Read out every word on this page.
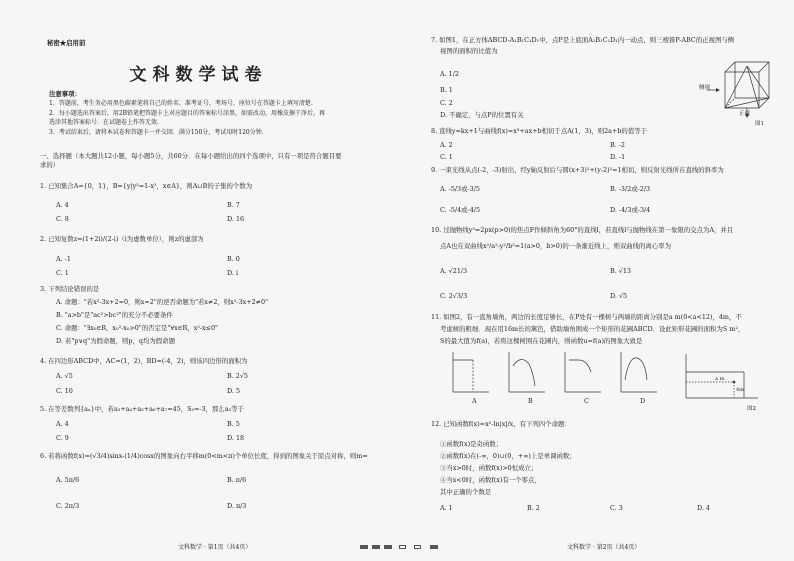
秘密★启用前
文科数学试卷
注意事项：
1．答题前，考生务必用黑色碳素笔将自己的姓名、准考证号、考场号、座位号在答题卡上填写清楚.
2．每小题选出答案后，用2B铅笔把答题卡上对应题目的答案标号涂黑，如需改动，用橡皮擦干净后，再
选涂其他答案标号．在试题卷上作答无效.
3．考试结束后，请将本试卷和答题卡一并交回．满分150分，考试用时120分钟.
一、选择题（本大题共12小题，每小题5分，共60分．在每小题给出的四个选项中，只有一项是符合题目要
求的）
1. 已知集合A={0，1}，B={y|y²=1-x²，x∈A}，则A∪B的子集的个数为
A. 4	B. 7
C. 8	D. 16
2. 已知复数z=(1+2i)/(2-i)（i为虚数单位），则z的虚部为
A. -1	B. 0
C. 1	D. i
3. 下列结论错误的是
A. 命题："若x²-3x+2=0，则x=2"的逆否命题为"若x≠2，则x²-3x+2≠0"
B. "a>b"是"ac²>bc²"的充分不必要条件
C. 命题："∃x₀∈R，x₀²-x₀>0"的否定是"∀x∈R，x²-x≤0"
D. 若"p∨q"为假命题，则p，q均为假命题
4. 在四边形ABCD中，AC=(1，2)，BD=(-4，2)，则该四边形的面积为
A. √5	B. 2√5
C. 10	D. 5
5. 在等差数列{aₙ}中，若a₃+a₄+a₅+a₆+a₇=45，S₃=-3，那么a₅等于
A. 4	B. 5
C. 9	D. 18
6. 若将函数f(x)=(√3/4)sinx-(1/4)cosx的图象向右平移m(0<m<π)个单位长度，得到的图象关于原点对称，则m=
A. 5π/6	B. π/6
C. 2π/3	D. π/3
文科数学 · 第1页（共4页）
7. 如图1，在正方体ABCD-A₁B₁C₁D₁中，点P是上底面A₁B₁C₁D₁内一动点，则三棱锥P-ABC的正视图与侧
视图的面积的比值为
A. 1/2
B. 1
C. 2
D. 不确定，与点P的位置有关
侧视
正视
图1
8. 直线y=kx+1与曲线f(x)=x³+ax+b相切于点A(1，3)，则2a+b的值等于
A. 2	B. -2
C. 1	D. -1
9. 一束光线从点(-2，-3)射出，经y轴反射后与圆(x+3)²+(y-2)²=1相切，则反射光线所在直线的斜率为
A. -5/3或-3/5	B. -3/2或-2/3
C. -5/4或-4/5	D. -4/3或-3/4
10. 过抛物线y²=2px(p>0)的焦点F作倾斜角为60°的直线l，若直线l与抛物线在第一象限的交点为A，并且
点A也在双曲线x²/a²-y²/b²=1(a>0，b>0)的一条渐近线上，则双曲线的离心率为
A. √21/3	B. √13
C. 2√3/3	D. √5
11. 如图2，有一直角墙角，两边的长度足够长，在P处有一棵树与两墙的距离分别是a m(0<a<12)，4m，不
考虑树的粗细．现在用16m长的篱笆，借助墙角围成一个矩形的花圃ABCD．设此矩形花圃的面积为S m²，
S的最大值为f(a)，若将这棵树围在花圃内，则函数u=f(a)的图象大致是
A	B	C	D
a m
4m
图2
12. 已知函数f(x)=x²-ln|x|/x，有下列四个命题：
①函数f(x)是奇函数；
②函数f(x)在(-∞，0)∪(0，+∞)上是单调函数；
③当x>0时，函数f(x)>0恒成立；
④当x<0时，函数f(x)有一个零点，
其中正确的个数是
A. 1	B. 2	C. 3	D. 4
文科数学 · 第2页（共4页）
